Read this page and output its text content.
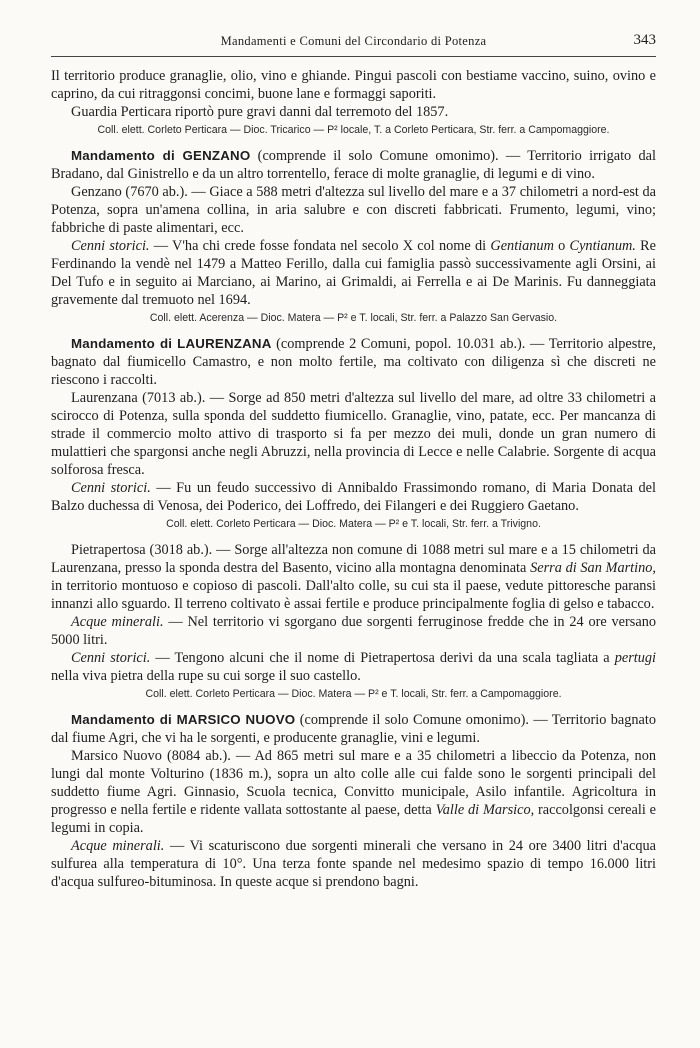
Mandamenti e Comuni del Circondario di Potenza	343

Il territorio produce granaglie, olio, vino e ghiande. Pingui pascoli con bestiame vaccino, suino, ovino e caprino, da cui ritraggonsi concimi, buone lane e formaggi saporiti.

Guardia Perticara riportò pure gravi danni dal terremoto del 1857.

Coll. elett. Corleto Perticara — Dioc. Tricarico — P² locale, T. a Corleto Perticara, Str. ferr. a Campomaggiore.

Mandamento di GENZANO (comprende il solo Comune omonimo). — Territorio irrigato dal Bradano, dal Ginistrello e da un altro torrentello, ferace di molte granaglie, di legumi e di vino.

Genzano (7670 ab.). — Giace a 588 metri d'altezza sul livello del mare e a 37 chilometri a nord-est da Potenza, sopra un'amena collina, in aria salubre e con discreti fabbricati. Frumento, legumi, vino; fabbriche di paste alimentari, ecc.

Cenni storici. — V'ha chi crede fosse fondata nel secolo X col nome di Gentianum o Cyntianum. Re Ferdinando la vendè nel 1479 a Matteo Ferillo, dalla cui famiglia passò successivamente agli Orsini, ai Del Tufo e in seguito ai Marciano, ai Marino, ai Grimaldi, ai Ferrella e ai De Marinis. Fu danneggiata gravemente dal tremuoto nel 1694.

Coll. elett. Acerenza — Dioc. Matera — P² e T. locali, Str. ferr. a Palazzo San Gervasio.

Mandamento di LAURENZANA (comprende 2 Comuni, popol. 10.031 ab.). — Territorio alpestre, bagnato dal fiumicello Camastro, e non molto fertile, ma coltivato con diligenza sì che discreti ne riescono i raccolti.

Laurenzana (7013 ab.). — Sorge ad 850 metri d'altezza sul livello del mare, ad oltre 33 chilometri a scirocco di Potenza, sulla sponda del suddetto fiumicello. Granaglie, vino, patate, ecc. Per mancanza di strade il commercio molto attivo di trasporto si fa per mezzo dei muli, donde un gran numero di mulattieri che spargonsi anche negli Abruzzi, nella provincia di Lecce e nelle Calabrie. Sorgente di acqua solforosa fresca.

Cenni storici. — Fu un feudo successivo di Annibaldo Frassimondo romano, di Maria Donata del Balzo duchessa di Venosa, dei Poderico, dei Loffredo, dei Filangeri e dei Ruggiero Gaetano.

Coll. elett. Corleto Perticara — Dioc. Matera — P² e T. locali, Str. ferr. a Trivigno.

Pietrapertosa (3018 ab.). — Sorge all'altezza non comune di 1088 metri sul mare e a 15 chilometri da Laurenzana, presso la sponda destra del Basento, vicino alla montagna denominata Serra di San Martino, in territorio montuoso e copioso di pascoli. Dall'alto colle, su cui sta il paese, vedute pittoresche paransi innanzi allo sguardo. Il terreno coltivato è assai fertile e produce principalmente foglia di gelso e tabacco.

Acque minerali. — Nel territorio vi sgorgano due sorgenti ferruginose fredde che in 24 ore versano 5000 litri.

Cenni storici. — Tengono alcuni che il nome di Pietrapertosa derivi da una scala tagliata a pertugi nella viva pietra della rupe su cui sorge il suo castello.

Coll. elett. Corleto Perticara — Dioc. Matera — P² e T. locali, Str. ferr. a Campomaggiore.

Mandamento di MARSICO NUOVO (comprende il solo Comune omonimo). — Territorio bagnato dal fiume Agri, che vi ha le sorgenti, e producente granaglie, vini e legumi.

Marsico Nuovo (8084 ab.). — Ad 865 metri sul mare e a 35 chilometri a libeccio da Potenza, non lungi dal monte Volturino (1836 m.), sopra un alto colle alle cui falde sono le sorgenti principali del suddetto fiume Agri. Ginnasio, Scuola tecnica, Convitto municipale, Asilo infantile. Agricoltura in progresso e nella fertile e ridente vallata sottostante al paese, detta Valle di Marsico, raccolgonsi cereali e legumi in copia.

Acque minerali. — Vi scaturiscono due sorgenti minerali che versano in 24 ore 3400 litri d'acqua sulfurea alla temperatura di 10°. Una terza fonte spande nel medesimo spazio di tempo 16.000 litri d'acqua sulfureo-bituminosa. In queste acque si prendono bagni.
